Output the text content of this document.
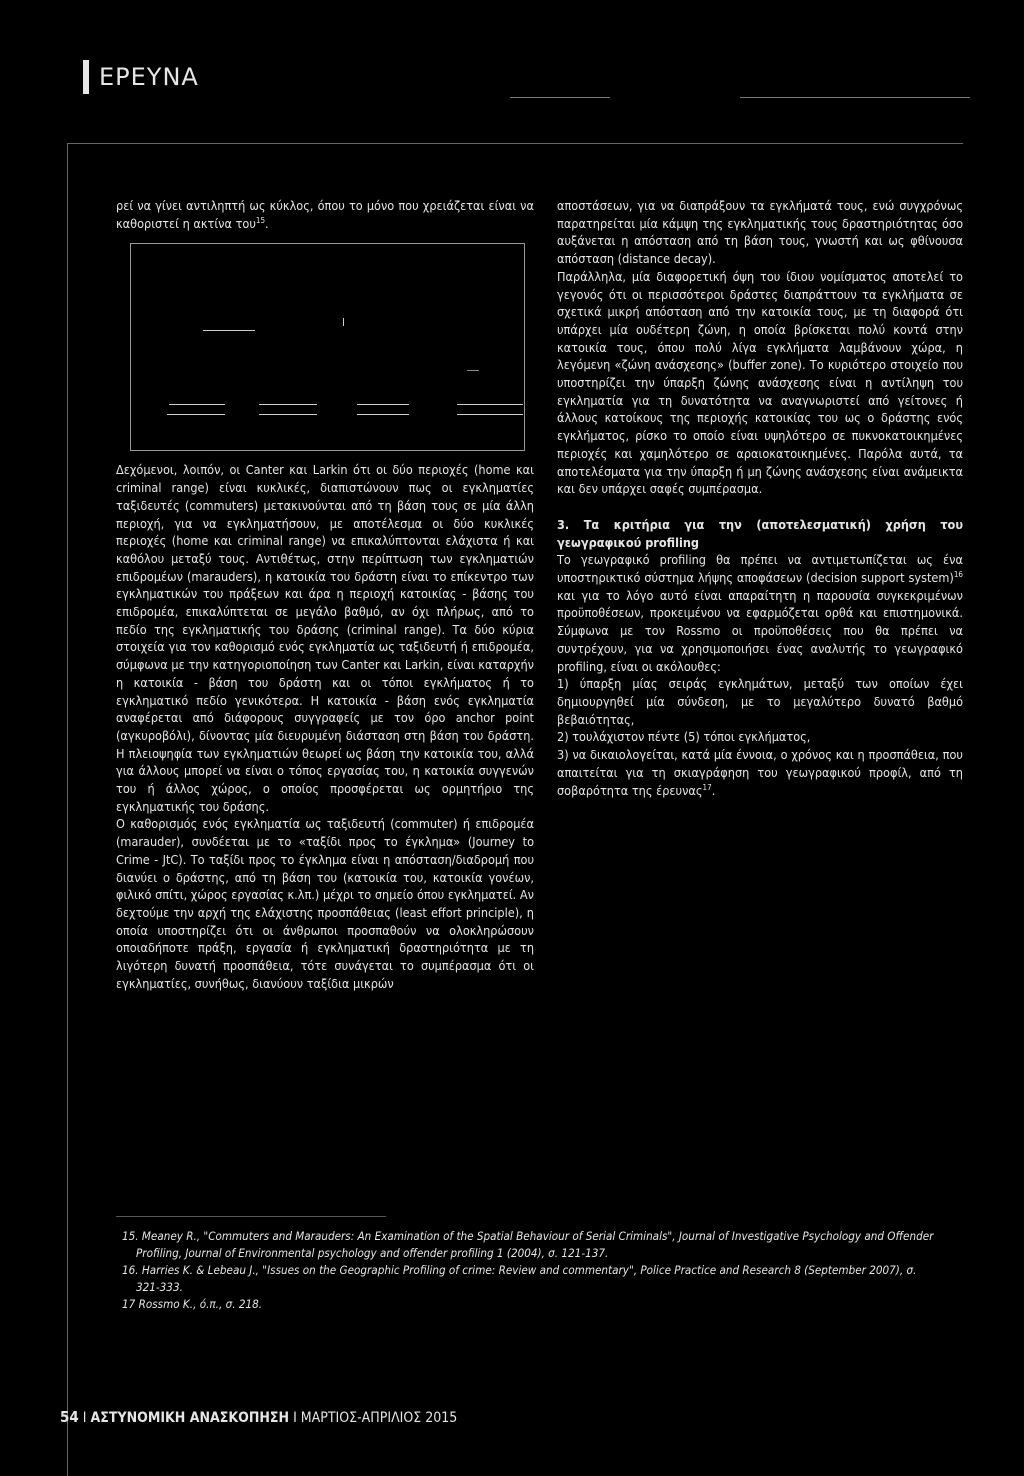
ΕΡΕΥΝΑ

ρεί να γίνει αντιληπτή ως κύκλος, όπου το μόνο που χρειάζεται είναι να καθοριστεί η ακτίνα του$^{15}$.

Δεχόμενοι, λοιπόν, οι Canter και Larkin ότι οι δύο περιοχές (home και criminal range) είναι κυκλικές, διαπιστώνουν πως οι εγκληματίες ταξιδευτές (commuters) μετακινούνται από τη βάση τους σε μία άλλη περιοχή, για να εγκληματήσουν, με αποτέλεσμα οι δύο κυκλικές περιοχές (home και criminal range) να επικαλύπτονται ελάχιστα ή και καθόλου μεταξύ τους. Αντιθέτως, στην περίπτωση των εγκληματιών επιδρομέων (marauders), η κατοικία του δράστη είναι το επίκεντρο των εγκληματικών του πράξεων και άρα η περιοχή κατοικίας - βάσης του επιδρομέα, επικαλύπτεται σε μεγάλο βαθμό, αν όχι πλήρως, από το πεδίο της εγκληματικής του δράσης (criminal range). Τα δύο κύρια στοιχεία για τον καθορισμό ενός εγκληματία ως ταξιδευτή ή επιδρομέα, σύμφωνα με την κατηγοριοποίηση των Canter και Larkin, είναι καταρχήν η κατοικία - βάση του δράστη και οι τόποι εγκλήματος ή το εγκληματικό πεδίο γενικότερα. Η κατοικία - βάση ενός εγκληματία αναφέρεται από διάφορους συγγραφείς με τον όρο anchor point (αγκυροβόλι), δίνοντας μία διευρυμένη διάσταση στη βάση του δράστη. Η πλειοψηφία των εγκληματιών θεωρεί ως βάση την κατοικία του, αλλά για άλλους μπορεί να είναι ο τόπος εργασίας του, η κατοικία συγγενών του ή άλλος χώρος, ο οποίος προσφέρεται ως ορμητήριο της εγκληματικής του δράσης.

Ο καθορισμός ενός εγκληματία ως ταξιδευτή (commuter) ή επιδρομέα (marauder), συνδέεται με το «ταξίδι προς το έγκλημα» (Journey to Crime - JtC). Το ταξίδι προς το έγκλημα είναι η απόσταση/διαδρομή που διανύει ο δράστης, από τη βάση του (κατοικία του, κατοικία γονέων, φιλικό σπίτι, χώρος εργασίας κ.λπ.) μέχρι το σημείο όπου εγκληματεί. Αν δεχτούμε την αρχή της ελάχιστης προσπάθειας (least effort principle), η οποία υποστηρίζει ότι οι άνθρωποι προσπαθούν να ολοκληρώσουν οποιαδήποτε πράξη, εργασία ή εγκληματική δραστηριότητα με τη λιγότερη δυνατή προσπάθεια, τότε συνάγεται το συμπέρασμα ότι οι εγκληματίες, συνήθως, διανύουν ταξίδια μικρών

αποστάσεων, για να διαπράξουν τα εγκλήματά τους, ενώ συγχρόνως παρατηρείται μία κάμψη της εγκληματικής τους δραστηριότητας όσο αυξάνεται η απόσταση από τη βάση τους, γνωστή και ως φθίνουσα απόσταση (distance decay).

Παράλληλα, μία διαφορετική όψη του ίδιου νομίσματος αποτελεί το γεγονός ότι οι περισσότεροι δράστες διαπράττουν τα εγκλήματα σε σχετικά μικρή απόσταση από την κατοικία τους, με τη διαφορά ότι υπάρχει μία ουδέτερη ζώνη, η οποία βρίσκεται πολύ κοντά στην κατοικία τους, όπου πολύ λίγα εγκλήματα λαμβάνουν χώρα, η λεγόμενη «ζώνη ανάσχεσης» (buffer zone). Το κυριότερο στοιχείο που υποστηρίζει την ύπαρξη ζώνης ανάσχεσης είναι η αντίληψη του εγκληματία για τη δυνατότητα να αναγνωριστεί από γείτονες ή άλλους κατοίκους της περιοχής κατοικίας του ως ο δράστης ενός εγκλήματος, ρίσκο το οποίο είναι υψηλότερο σε πυκνοκατοικημένες περιοχές και χαμηλότερο σε αραιοκατοικημένες. Παρόλα αυτά, τα αποτελέσματα για την ύπαρξη ή μη ζώνης ανάσχεσης είναι ανάμεικτα και δεν υπάρχει σαφές συμπέρασμα.

3. Τα κριτήρια για την (αποτελεσματική) χρήση του γεωγραφικού profiling

Το γεωγραφικό profiling θα πρέπει να αντιμετωπίζεται ως ένα υποστηρικτικό σύστημα λήψης αποφάσεων (decision support system)$^{16}$ και για το λόγο αυτό είναι απαραίτητη η παρουσία συγκεκριμένων προϋποθέσεων, προκειμένου να εφαρμόζεται ορθά και επιστημονικά. Σύμφωνα με τον Rossmo οι προϋποθέσεις που θα πρέπει να συντρέχουν, για να χρησιμοποιήσει ένας αναλυτής το γεωγραφικό profiling, είναι οι ακόλουθες:

1) ύπαρξη μίας σειράς εγκλημάτων, μεταξύ των οποίων έχει δημιουργηθεί μία σύνδεση, με το μεγαλύτερο δυνατό βαθμό βεβαιότητας,

2) τουλάχιστον πέντε (5) τόποι εγκλήματος,

3) να δικαιολογείται, κατά μία έννοια, ο χρόνος και η προσπάθεια, που απαιτείται για τη σκιαγράφηση του γεωγραφικού προφίλ, από τη σοβαρότητα της έρευνας$^{17}$.

15. Meaney R., "Commuters and Marauders: An Examination of the Spatial Behaviour of Serial Criminals", Journal of Investigative Psychology and Offender Profiling, Journal of Environmental psychology and offender profiling 1 (2004), σ. 121-137.
16. Harries K. & Lebeau J., "Issues on the Geographic Profiling of crime: Review and commentary", Police Practice and Research 8 (September 2007), σ. 321-333.
17 Rossmo K., ό.π., σ. 218.
54 I ΑΣΤΥΝΟΜΙΚΗ ΑΝΑΣΚΟΠΗΣΗ I ΜΑΡΤΙΟΣ-ΑΠΡΙΛΙΟΣ 2015
